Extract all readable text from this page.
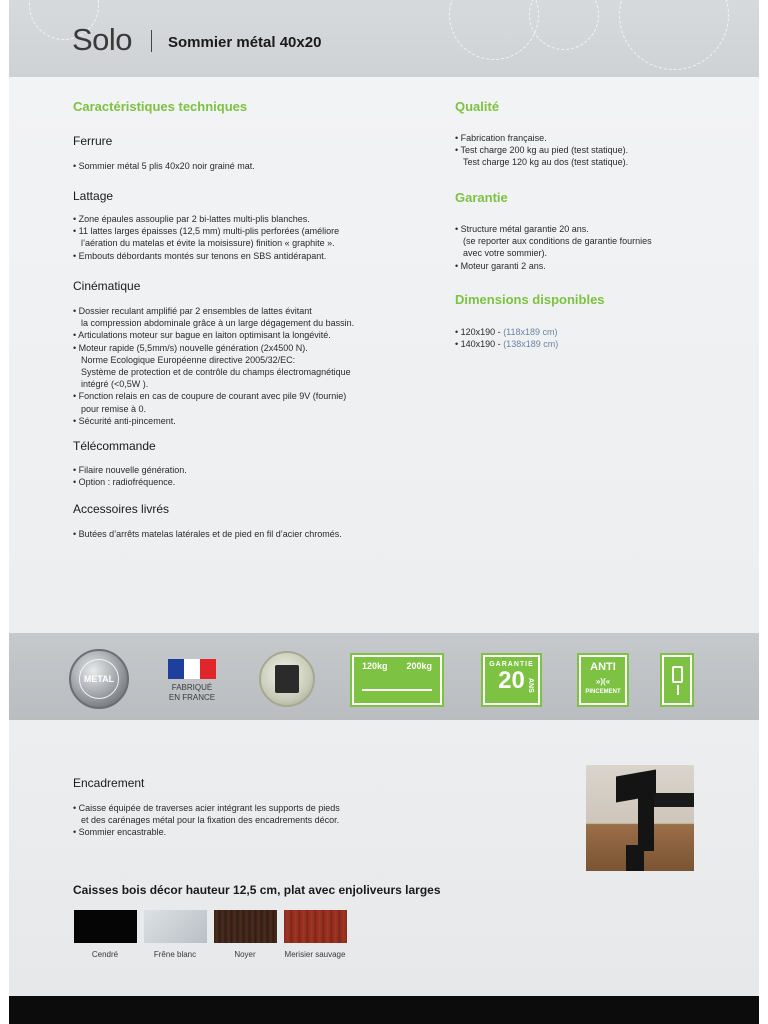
Solo Sommier métal 40x20
Caractéristiques techniques
Ferrure
• Sommier métal 5 plis 40x20 noir grainé mat.
Lattage
• Zone épaules assouplie par 2 bi-lattes multi-plis blanches.
• 11 lattes larges épaisses (12,5 mm) multi-plis perforées (améliore
l’aération du matelas et évite la moisissure) finition « graphite ».
• Embouts débordants montés sur tenons en SBS antidérapant.
Cinématique
• Dossier reculant amplifié par 2 ensembles de lattes évitant
la compression abdominale grâce à un large dégagement du bassin.
• Articulations moteur sur bague en laiton optimisant la longévité.
• Moteur rapide (5,5mm/s) nouvelle génération (2x4500 N).
Norme Ecologique Européenne directive 2005/32/EC:
Système de protection et de contrôle du champs électromagnétique
intégré (<0,5W ).
• Fonction relais en cas de coupure de courant avec pile 9V (fournie)
pour remise à 0.
• Sécurité anti-pincement.
Télécommande
• Filaire nouvelle génération.
• Option : radiofréquence.
Accessoires livrés
• Butées d’arrêts matelas latérales et de pied en fil d’acier chromés.
Qualité
• Fabrication française.
• Test charge 200 kg au pied (test statique).
Test charge 120 kg au dos (test statique).
Garantie
• Structure métal garantie 20 ans.
(se reporter aux conditions de garantie fournies
avec votre sommier).
• Moteur garanti 2 ans.
Dimensions disponibles
• 120x190 - (118x189 cm)
• 140x190 - (138x189 cm)
METAL
FABRIQUÉ
EN FRANCE
120kg 200kg	GARANTIE
20 ANS
ANTI
»)(«
PINCEMENT
Encadrement
• Caisse équipée de traverses acier intégrant les supports de pieds
et des carénages métal pour la fixation des encadrements décor.
• Sommier encastrable.
Caisses bois décor hauteur 12,5 cm, plat avec enjoliveurs larges
Cendré	Frêne blanc	Noyer	Merisier sauvage
